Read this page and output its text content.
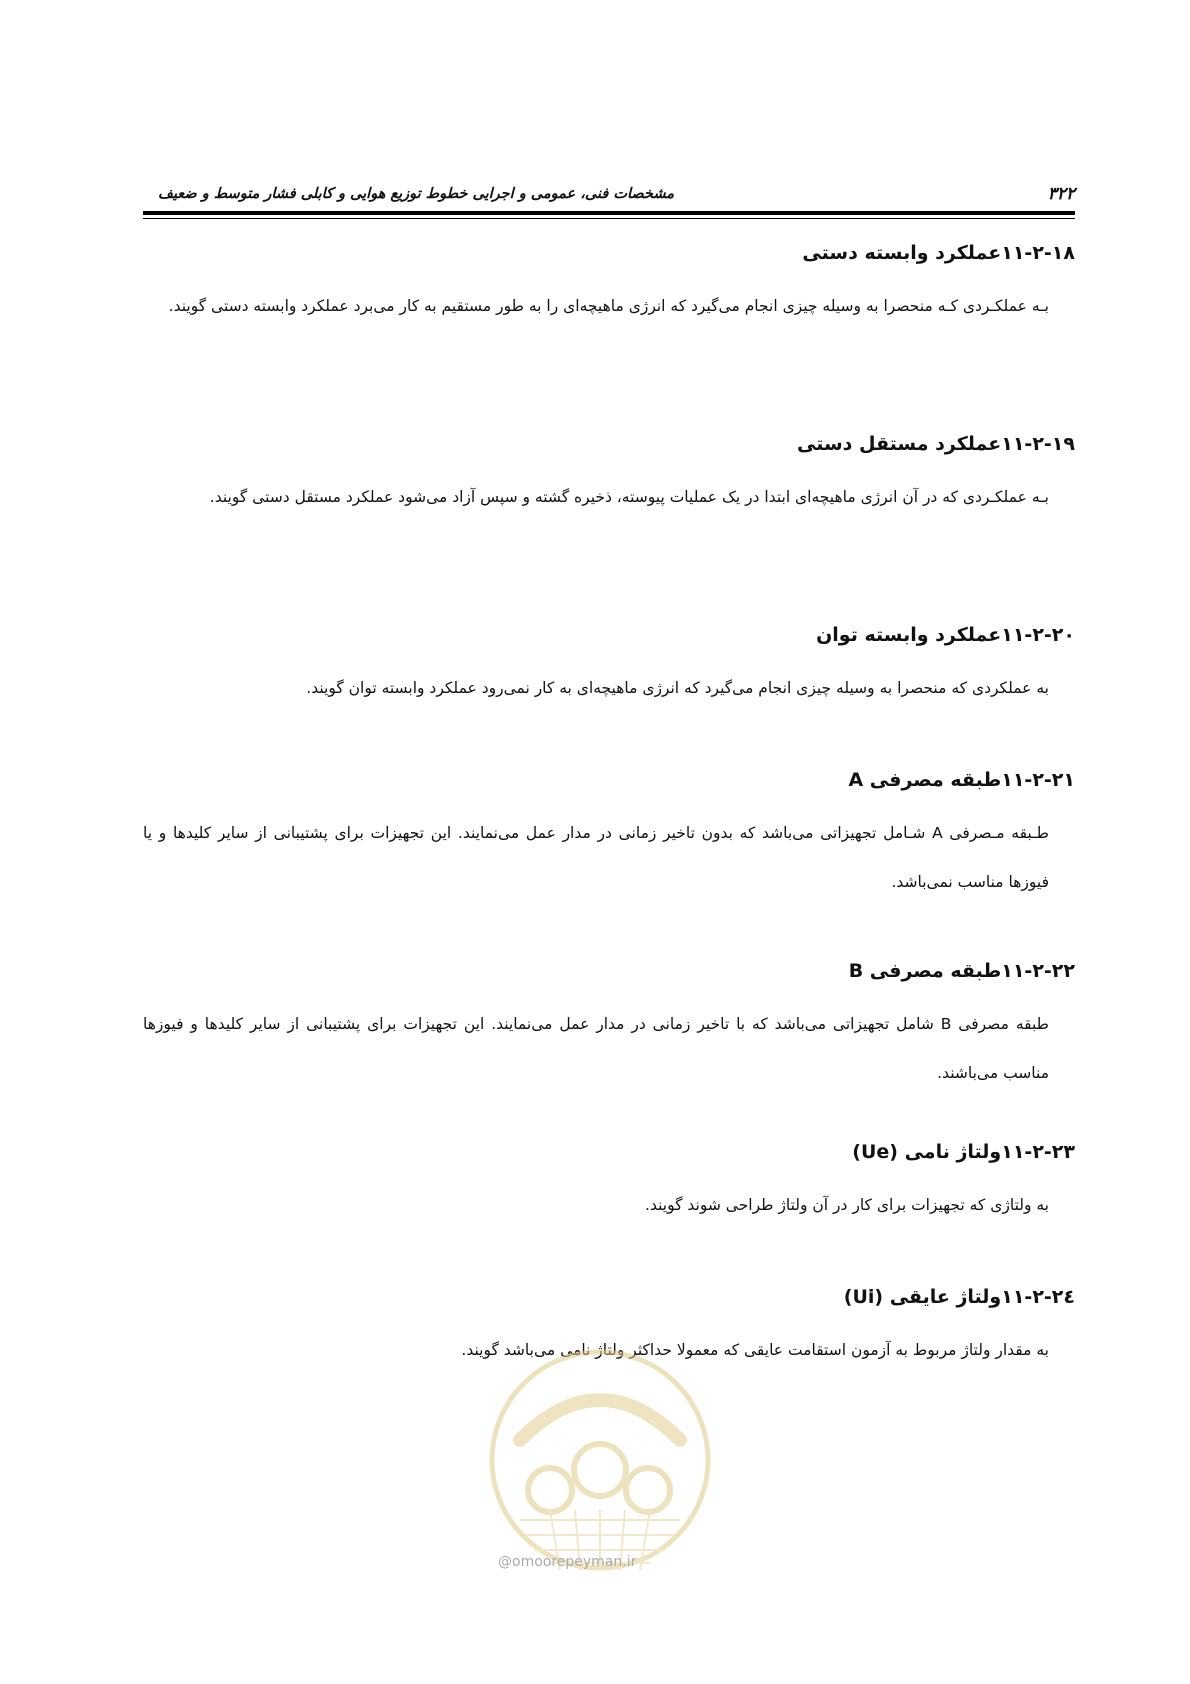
۳۲۲
مشخصات فنی، عمومی و اجرایی خطوط توزیع هوایی و کابلی فشار متوسط و ضعیف
۱۱-۲-۱۸عملکرد وابسته دستی

بـه عملکـردی کـه منحصرا به وسیله چیزی انجام می‌گیرد که انرژی ماهیچه‌ای را به طور مستقیم به کار می‌برد عملکرد وابسته دستی گویند.

۱۱-۲-۱۹عملکرد مستقل دستی

بـه عملکـردی که در آن انرژی ماهیچه‌ای ابتدا در یک عملیات پیوسته، ذخیره گشته و سپس آزاد می‌شود عملکرد مستقل دستی گویند.

۱۱-۲-۲۰عملکرد وابسته توان

به عملکردی که منحصرا به وسیله چیزی انجام می‌گیرد که انرژی ماهیچه‌ای به کار نمی‌رود عملکرد وابسته توان گویند.

۱۱-۲-۲۱طبقه مصرفی A

طـبقه مـصرفی A شـامل تجهیزاتی می‌باشد که بدون تاخیر زمانی در مدار عمل می‌نمایند. این تجهیزات برای پشتیبانی از سایر کلیدها و یا فیوزها مناسب نمی‌باشد.

۱۱-۲-۲۲طبقه مصرفی B

طبقه مصرفی B شامل تجهیزاتی می‌باشد که با تاخیر زمانی در مدار عمل می‌نمایند. این تجهیزات برای پشتیبانی از سایر کلیدها و فیوزها مناسب می‌باشند.

۱۱-۲-۲۳ولتاژ نامی (Ue)

به ولتاژی که تجهیزات برای کار در آن ولتاژ طراحی شوند گویند.

۱۱-۲-۲٤ولتاژ عایقی (Ui)

به مقدار ولتاژ مربوط به آزمون استقامت عایقی که معمولا حداکثر ولتاژ نامی می‌باشد گویند.

@omoorepeyman.ir
